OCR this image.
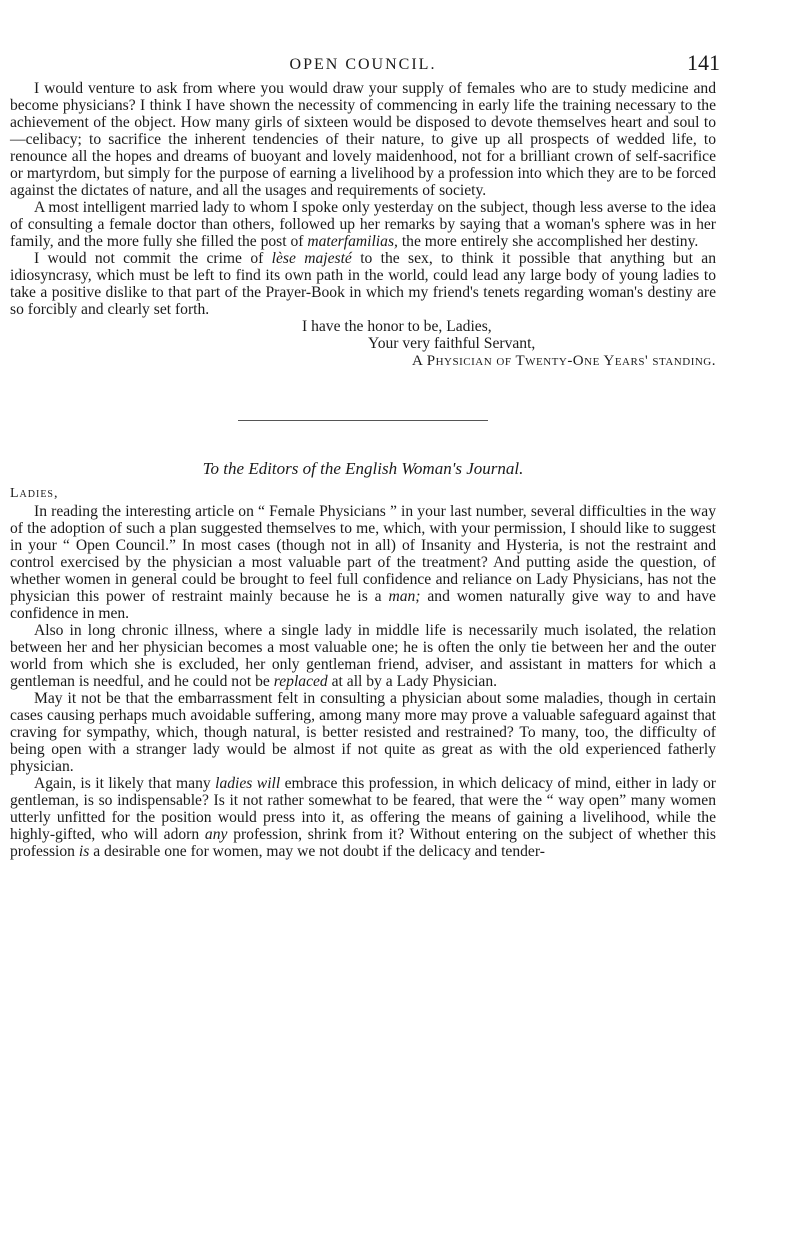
OPEN COUNCIL.	141

I would venture to ask from where you would draw your supply of females who are to study medicine and become physicians? I think I have shown the necessity of commencing in early life the training necessary to the achievement of the object. How many girls of sixteen would be disposed to devote themselves heart and soul to—celibacy; to sacrifice the inherent tendencies of their nature, to give up all prospects of wedded life, to renounce all the hopes and dreams of buoyant and lovely maidenhood, not for a brilliant crown of self-sacrifice or martyrdom, but simply for the purpose of earning a livelihood by a profession into which they are to be forced against the dictates of nature, and all the usages and requirements of society.

A most intelligent married lady to whom I spoke only yesterday on the subject, though less averse to the idea of consulting a female doctor than others, followed up her remarks by saying that a woman's sphere was in her family, and the more fully she filled the post of materfamilias, the more entirely she accomplished her destiny.

I would not commit the crime of lèse majesté to the sex, to think it possible that anything but an idiosyncrasy, which must be left to find its own path in the world, could lead any large body of young ladies to take a positive dislike to that part of the Prayer-Book in which my friend's tenets regarding woman's destiny are so forcibly and clearly set forth.

I have the honor to be, Ladies,
Your very faithful Servant,
A Physician of Twenty-One Years' standing.
To the Editors of the English Woman's Journal.
Ladies,

In reading the interesting article on “ Female Physicians ” in your last number, several difficulties in the way of the adoption of such a plan suggested themselves to me, which, with your permission, I should like to suggest in your “ Open Council.” In most cases (though not in all) of Insanity and Hysteria, is not the restraint and control exercised by the physician a most valuable part of the treatment? And putting aside the question, of whether women in general could be brought to feel full confidence and reliance on Lady Physicians, has not the physician this power of restraint mainly because he is a man; and women naturally give way to and have confidence in men.

Also in long chronic illness, where a single lady in middle life is necessarily much isolated, the relation between her and her physician becomes a most valuable one; he is often the only tie between her and the outer world from which she is excluded, her only gentleman friend, adviser, and assistant in matters for which a gentleman is needful, and he could not be replaced at all by a Lady Physician.

May it not be that the embarrassment felt in consulting a physician about some maladies, though in certain cases causing perhaps much avoidable suffering, among many more may prove a valuable safeguard against that craving for sympathy, which, though natural, is better resisted and restrained? To many, too, the difficulty of being open with a stranger lady would be almost if not quite as great as with the old experienced fatherly physician.

Again, is it likely that many ladies will embrace this profession, in which delicacy of mind, either in lady or gentleman, is so indispensable? Is it not rather somewhat to be feared, that were the “ way open” many women utterly unfitted for the position would press into it, as offering the means of gaining a livelihood, while the highly-gifted, who will adorn any profession, shrink from it? Without entering on the subject of whether this profession is a desirable one for women, may we not doubt if the delicacy and tender-
